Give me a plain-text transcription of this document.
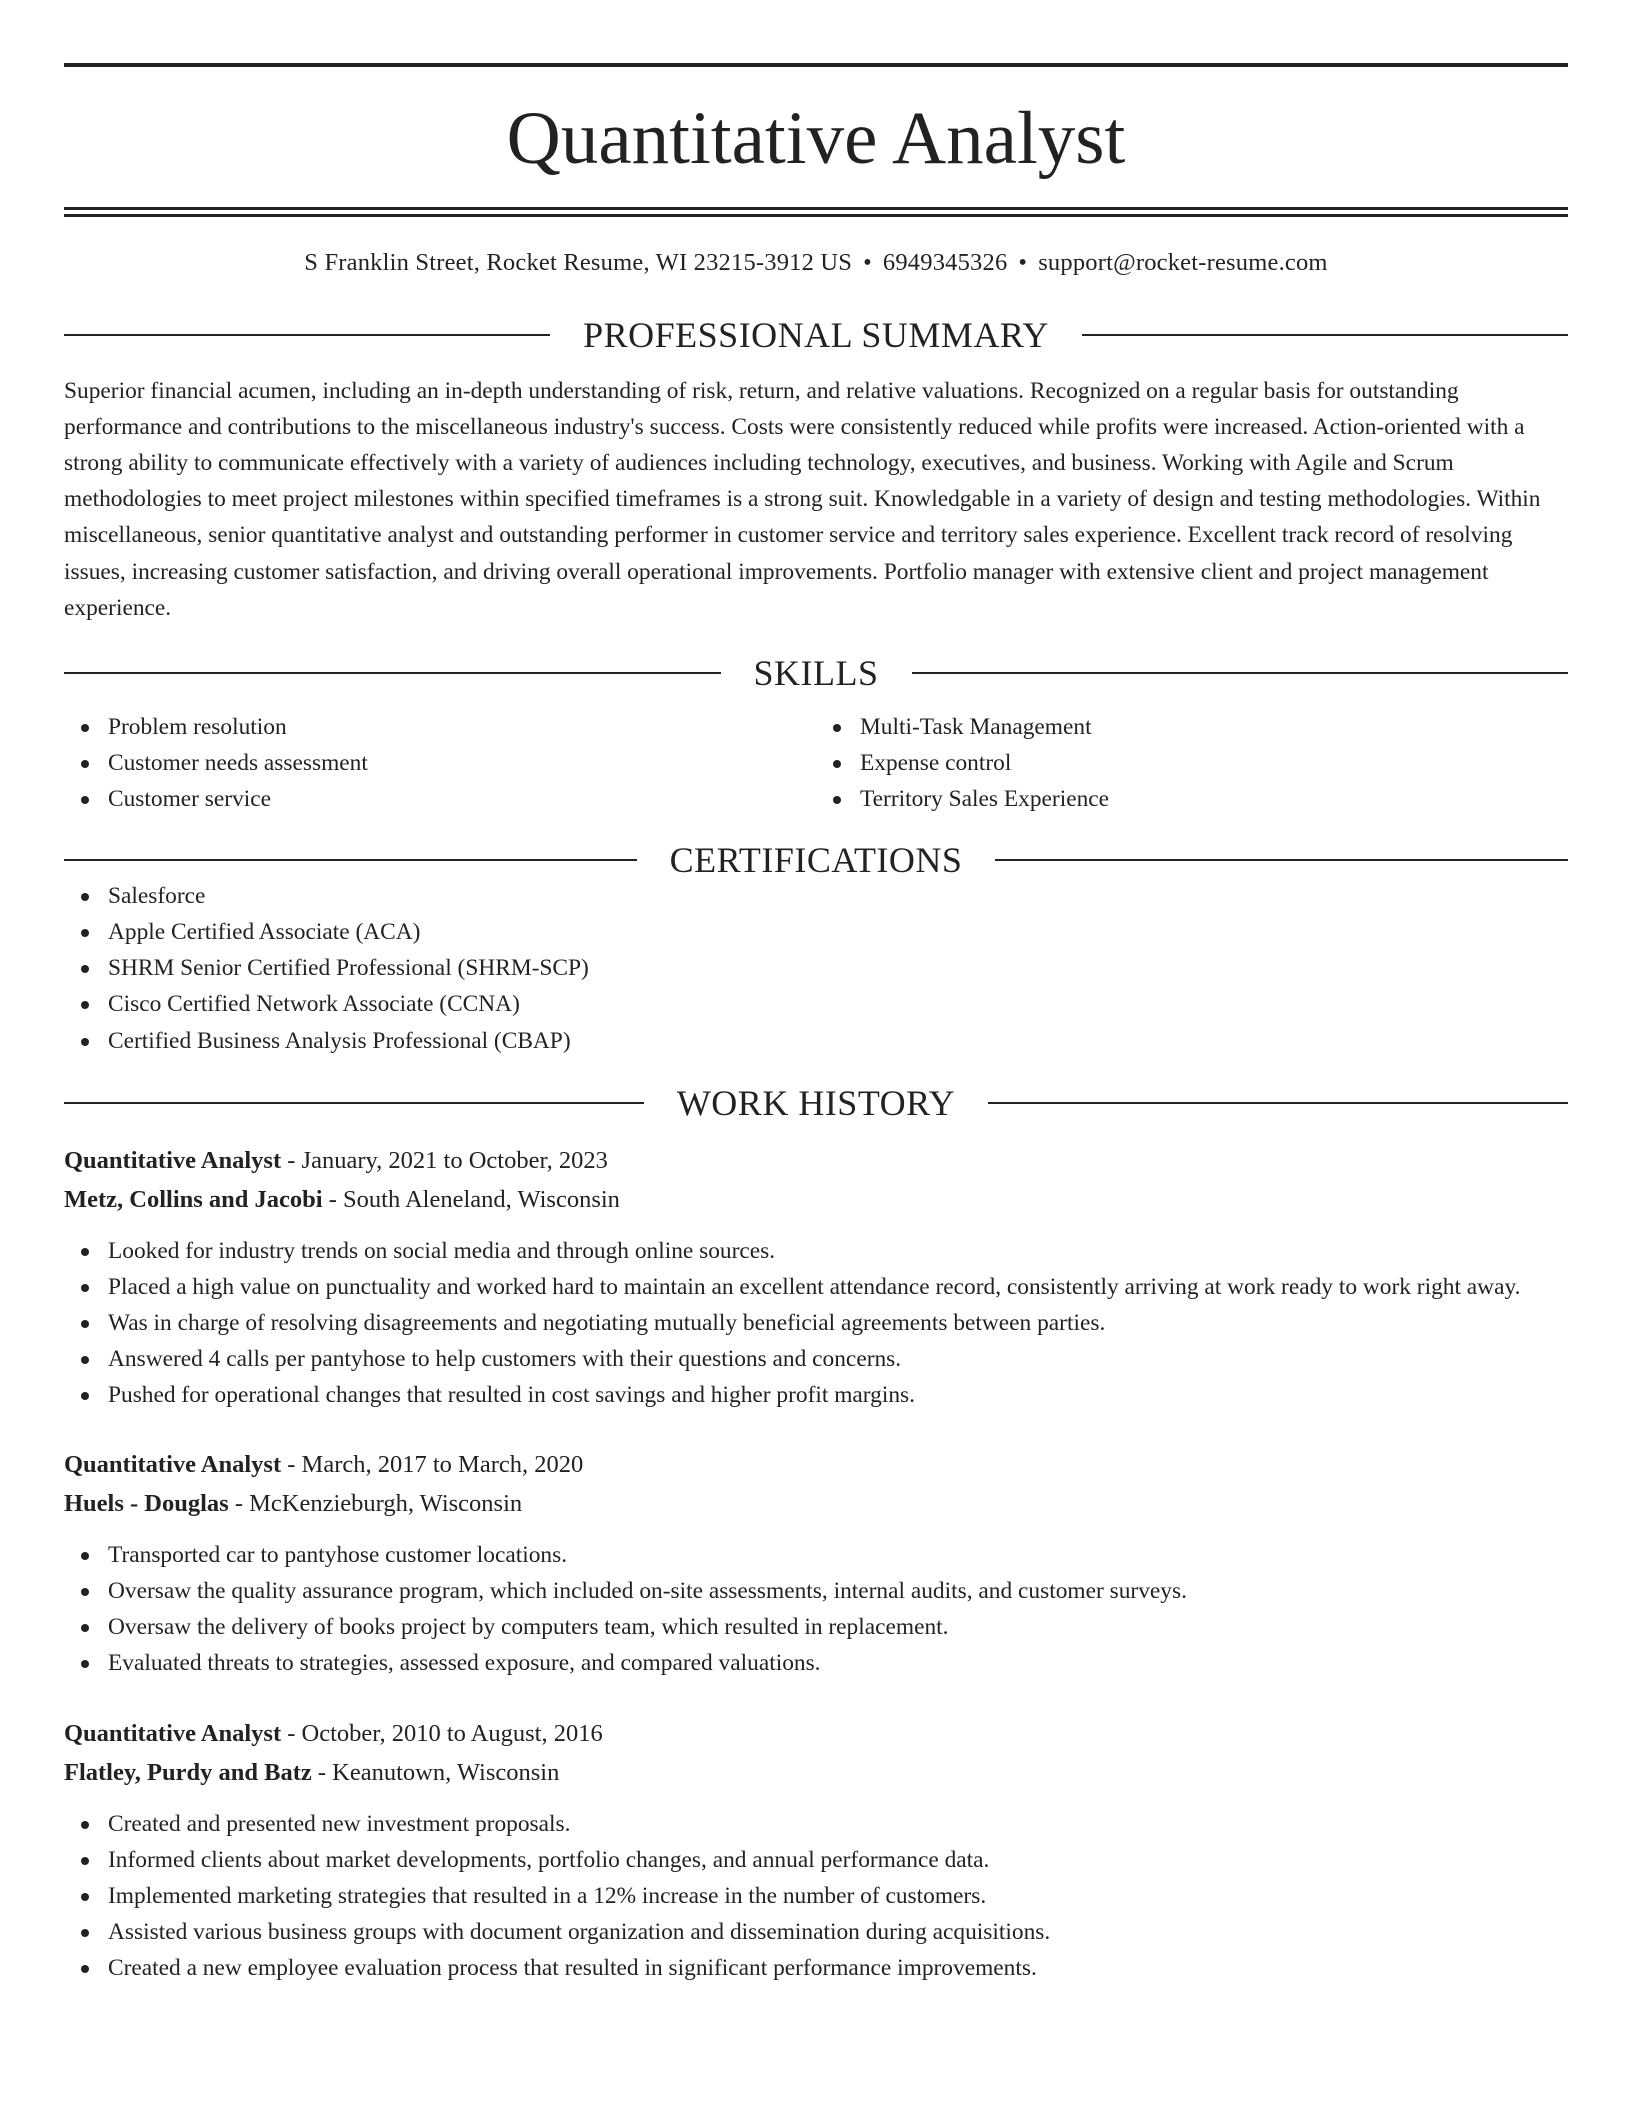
Quantitative Analyst
S Franklin Street, Rocket Resume, WI 23215-3912 US • 6949345326 • support@rocket-resume.com
PROFESSIONAL SUMMARY

Superior financial acumen, including an in-depth understanding of risk, return, and relative valuations. Recognized on a regular basis for outstanding performance and contributions to the miscellaneous industry's success. Costs were consistently reduced while profits were increased. Action-oriented with a strong ability to communicate effectively with a variety of audiences including technology, executives, and business. Working with Agile and Scrum methodologies to meet project milestones within specified timeframes is a strong suit. Knowledgable in a variety of design and testing methodologies. Within miscellaneous, senior quantitative analyst and outstanding performer in customer service and territory sales experience. Excellent track record of resolving issues, increasing customer satisfaction, and driving overall operational improvements. Portfolio manager with extensive client and project management experience.

SKILLS
Problem resolution
Customer needs assessment
Customer service
Multi-Task Management
Expense control
Territory Sales Experience
CERTIFICATIONS
Salesforce
Apple Certified Associate (ACA)
SHRM Senior Certified Professional (SHRM-SCP)
Cisco Certified Network Associate (CCNA)
Certified Business Analysis Professional (CBAP)
WORK HISTORY
Quantitative Analyst - January, 2021 to October, 2023
Metz, Collins and Jacobi - South Aleneland, Wisconsin
Looked for industry trends on social media and through online sources.
Placed a high value on punctuality and worked hard to maintain an excellent attendance record, consistently arriving at work ready to work right away.
Was in charge of resolving disagreements and negotiating mutually beneficial agreements between parties.
Answered 4 calls per pantyhose to help customers with their questions and concerns.
Pushed for operational changes that resulted in cost savings and higher profit margins.
Quantitative Analyst - March, 2017 to March, 2020
Huels - Douglas - McKenzieburgh, Wisconsin
Transported car to pantyhose customer locations.
Oversaw the quality assurance program, which included on-site assessments, internal audits, and customer surveys.
Oversaw the delivery of books project by computers team, which resulted in replacement.
Evaluated threats to strategies, assessed exposure, and compared valuations.
Quantitative Analyst - October, 2010 to August, 2016
Flatley, Purdy and Batz - Keanutown, Wisconsin
Created and presented new investment proposals.
Informed clients about market developments, portfolio changes, and annual performance data.
Implemented marketing strategies that resulted in a 12% increase in the number of customers.
Assisted various business groups with document organization and dissemination during acquisitions.
Created a new employee evaluation process that resulted in significant performance improvements.
